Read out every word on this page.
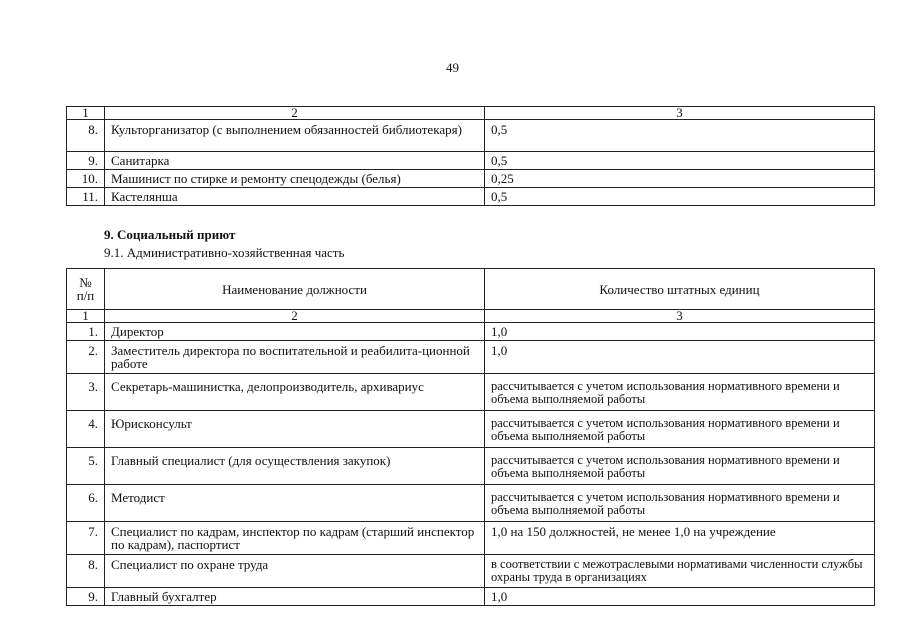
49
1	2	3
8.	Культорганизатор (с выполнением обязанностей библиотекаря)	0,5
9.	Санитарка	0,5
10.	Машинист по стирке и ремонту спецодежды (белья)	0,25
11.	Кастелянша	0,5
9. Социальный приют
9.1. Административно-хозяйственная часть
№ п/п	Наименование должности	Количество штатных единиц
1	2	3
1.	Директор	1,0
2.	Заместитель директора по воспитательной и реабилита-ционной работе	1,0
3.	Секретарь-машинистка, делопроизводитель, архивариус	рассчитывается с учетом использования нормативного времени и объема выполняемой работы
4.	Юрисконсульт	рассчитывается с учетом использования нормативного времени и объема выполняемой работы
5.	Главный специалист (для осуществления закупок)	рассчитывается с учетом использования нормативного времени и объема выполняемой работы
6.	Методист	рассчитывается с учетом использования нормативного времени и объема выполняемой работы
7.	Специалист по кадрам, инспектор по кадрам (старший инспектор по кадрам), паспортист	1,0 на 150 должностей, не менее 1,0 на учреждение
8.	Специалист по охране труда	в соответствии с межотраслевыми нормативами численности службы охраны труда в организациях
9.	Главный бухгалтер	1,0
